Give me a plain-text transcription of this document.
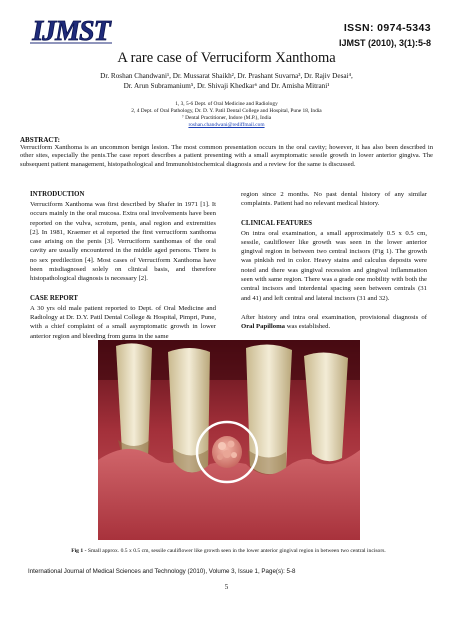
IJMST	ISSN: 0974-5343
IJMST (2010), 3(1):5-8
A rare case of Verruciform Xanthoma
Dr. Roshan Chandwani¹, Dr. Mussarat Shaikh², Dr. Prashant Suvarna³, Dr. Rajiv Desai⁴,
Dr. Arun Subramanium⁵, Dr. Shivaji Khedkar⁶ and Dr. Amisha Mitrani¹
1, 3, 5-6 Dept. of Oral Medicine and Radiology
2, 4 Dept. of Oral Pathology, Dr. D. Y. Patil Dental College and Hospital, Pune 18, India
⁷ Dental Practitioner, Indore (M.P.), India
roshan.chandwani@rediffmail.com
ABSTRACT:
Verruciform Xanthoma is an uncommon benign lesion. The most common presentation occurs in the oral cavity; however, it has also been described in other sites, especially the penis.The case report describes a patient presenting with a small asymptomatic sessile growth in lower anterior gingiva. The subsequent patient management, histopathological and Immunohistochemical diagnosis and a review for the same is discussed.
INTRODUCTION
Verruciform Xanthoma was first described by Shafer in 1971 [1]. It occurs mainly in the oral mucosa. Extra oral involvements have been reported on the vulva, scrotum, penis, anal region and extremities [2]. In 1981, Kraemer et al reported the first verruciform xanthoma case arising on the penis [3]. Verruciform xanthomas of the oral cavity are usually encountered in the middle aged persons. There is no sex predilection [4]. Most cases of Verruciform Xanthoma have been misdiagnosed solely on clinical basis, and therefore histopathological diagnosis is necessary [2].
CASE REPORT
A 30 yrs old male patient reported to Dept. of Oral Medicine and Radiology at Dr. D.Y. Patil Dental College & Hospital, Pimpri, Pune, with a chief complaint of a small asymptomatic growth in lower anterior region and bleeding from gums in the same
region since 2 months. No past dental history of any similar complaints. Patient had no relevant medical history.
CLINICAL FEATURES
On intra oral examination, a small approximately 0.5 x 0.5 cm, sessile, cauliflower like growth was seen in the lower anterior gingival region in between two central incisors (Fig 1). The growth was pinkish red in color. Heavy stains and calculus deposits were noted and there was gingival recession and gingival inflammation seen with same region. There was a grade one mobility with both the central incisors and interdental spacing seen between centrals (31 and 41) and left central and lateral incisors (31 and 32).
After history and intra oral examination, provisional diagnosis of Oral Papilloma was established.
Fig 1 - Small approx. 0.5 x 0.5 cm, sessile cauliflower like growth seen in the lower anterior gingival region in between two central incisors.
International Journal of Medical Sciences and Technology (2010), Volume 3, Issue 1, Page(s): 5-8
5
